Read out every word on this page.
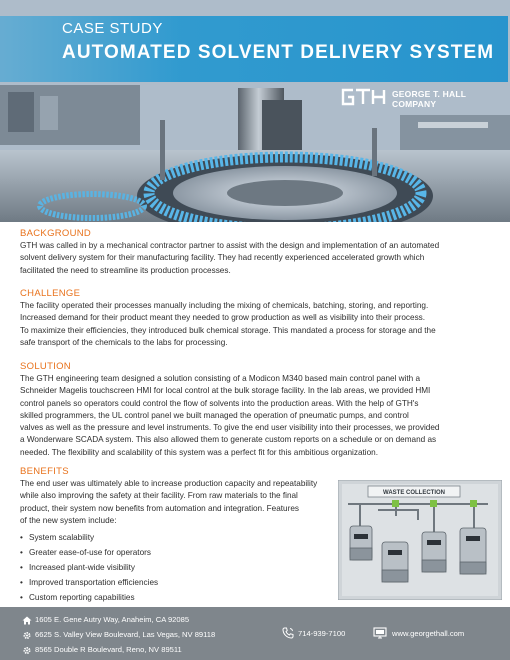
CASE STUDY
AUTOMATED SOLVENT DELIVERY SYSTEM
GEORGE T. HALL
COMPANY
BACKGROUND
GTH was called in by a mechanical contractor partner to assist with the design and implementation of an automated
solvent delivery system for their manufacturing facility. They had recently experienced accelerated growth which
facilitated the need to streamline its production processes.
CHALLENGE
The facility operated their processes manually including the mixing of chemicals, batching, storing, and reporting.
Increased demand for their product meant they needed to grow production as well as visibility into their process.
To maximize their efficiencies, they introduced bulk chemical storage. This mandated a process for storage and the
safe transport of the chemicals to the labs for processing.
SOLUTION
The GTH engineering team designed a solution consisting of a Modicon M340 based main control panel with a
Schneider Magelis touchscreen HMI for local control at the bulk storage facility. In the lab areas, we provided HMI
control panels so operators could control the flow of solvents into the production areas. With the help of GTH's
skilled programmers, the UL control panel we built managed the operation of pneumatic pumps, and control
valves as well as the pressure and level instruments. To give the end user visibility into their processes, we provided
a Wonderware SCADA system. This also allowed them to generate custom reports on a schedule or on demand as
needed. The flexibility and scalability of this system was a perfect fit for this ambitious organization.
BENEFITS
The end user was ultimately able to increase production capacity and repeatability
while also improving the safety at their facility. From raw materials to the final
product, their system now benefits from automation and integration. Features
of the new system include:
• System scalability
• Greater ease-of-use for operators
• Increased plant-wide visibility
• Improved transportation efficiencies
• Custom reporting capabilities
WASTE COLLECTION
1605 E. Gene Autry Way, Anaheim, CA 92085
6625 S. Valley View Boulevard, Las Vegas, NV 89118
8565 Double R Boulevard, Reno, NV 89511
714-939-7100	www.georgethall.com
